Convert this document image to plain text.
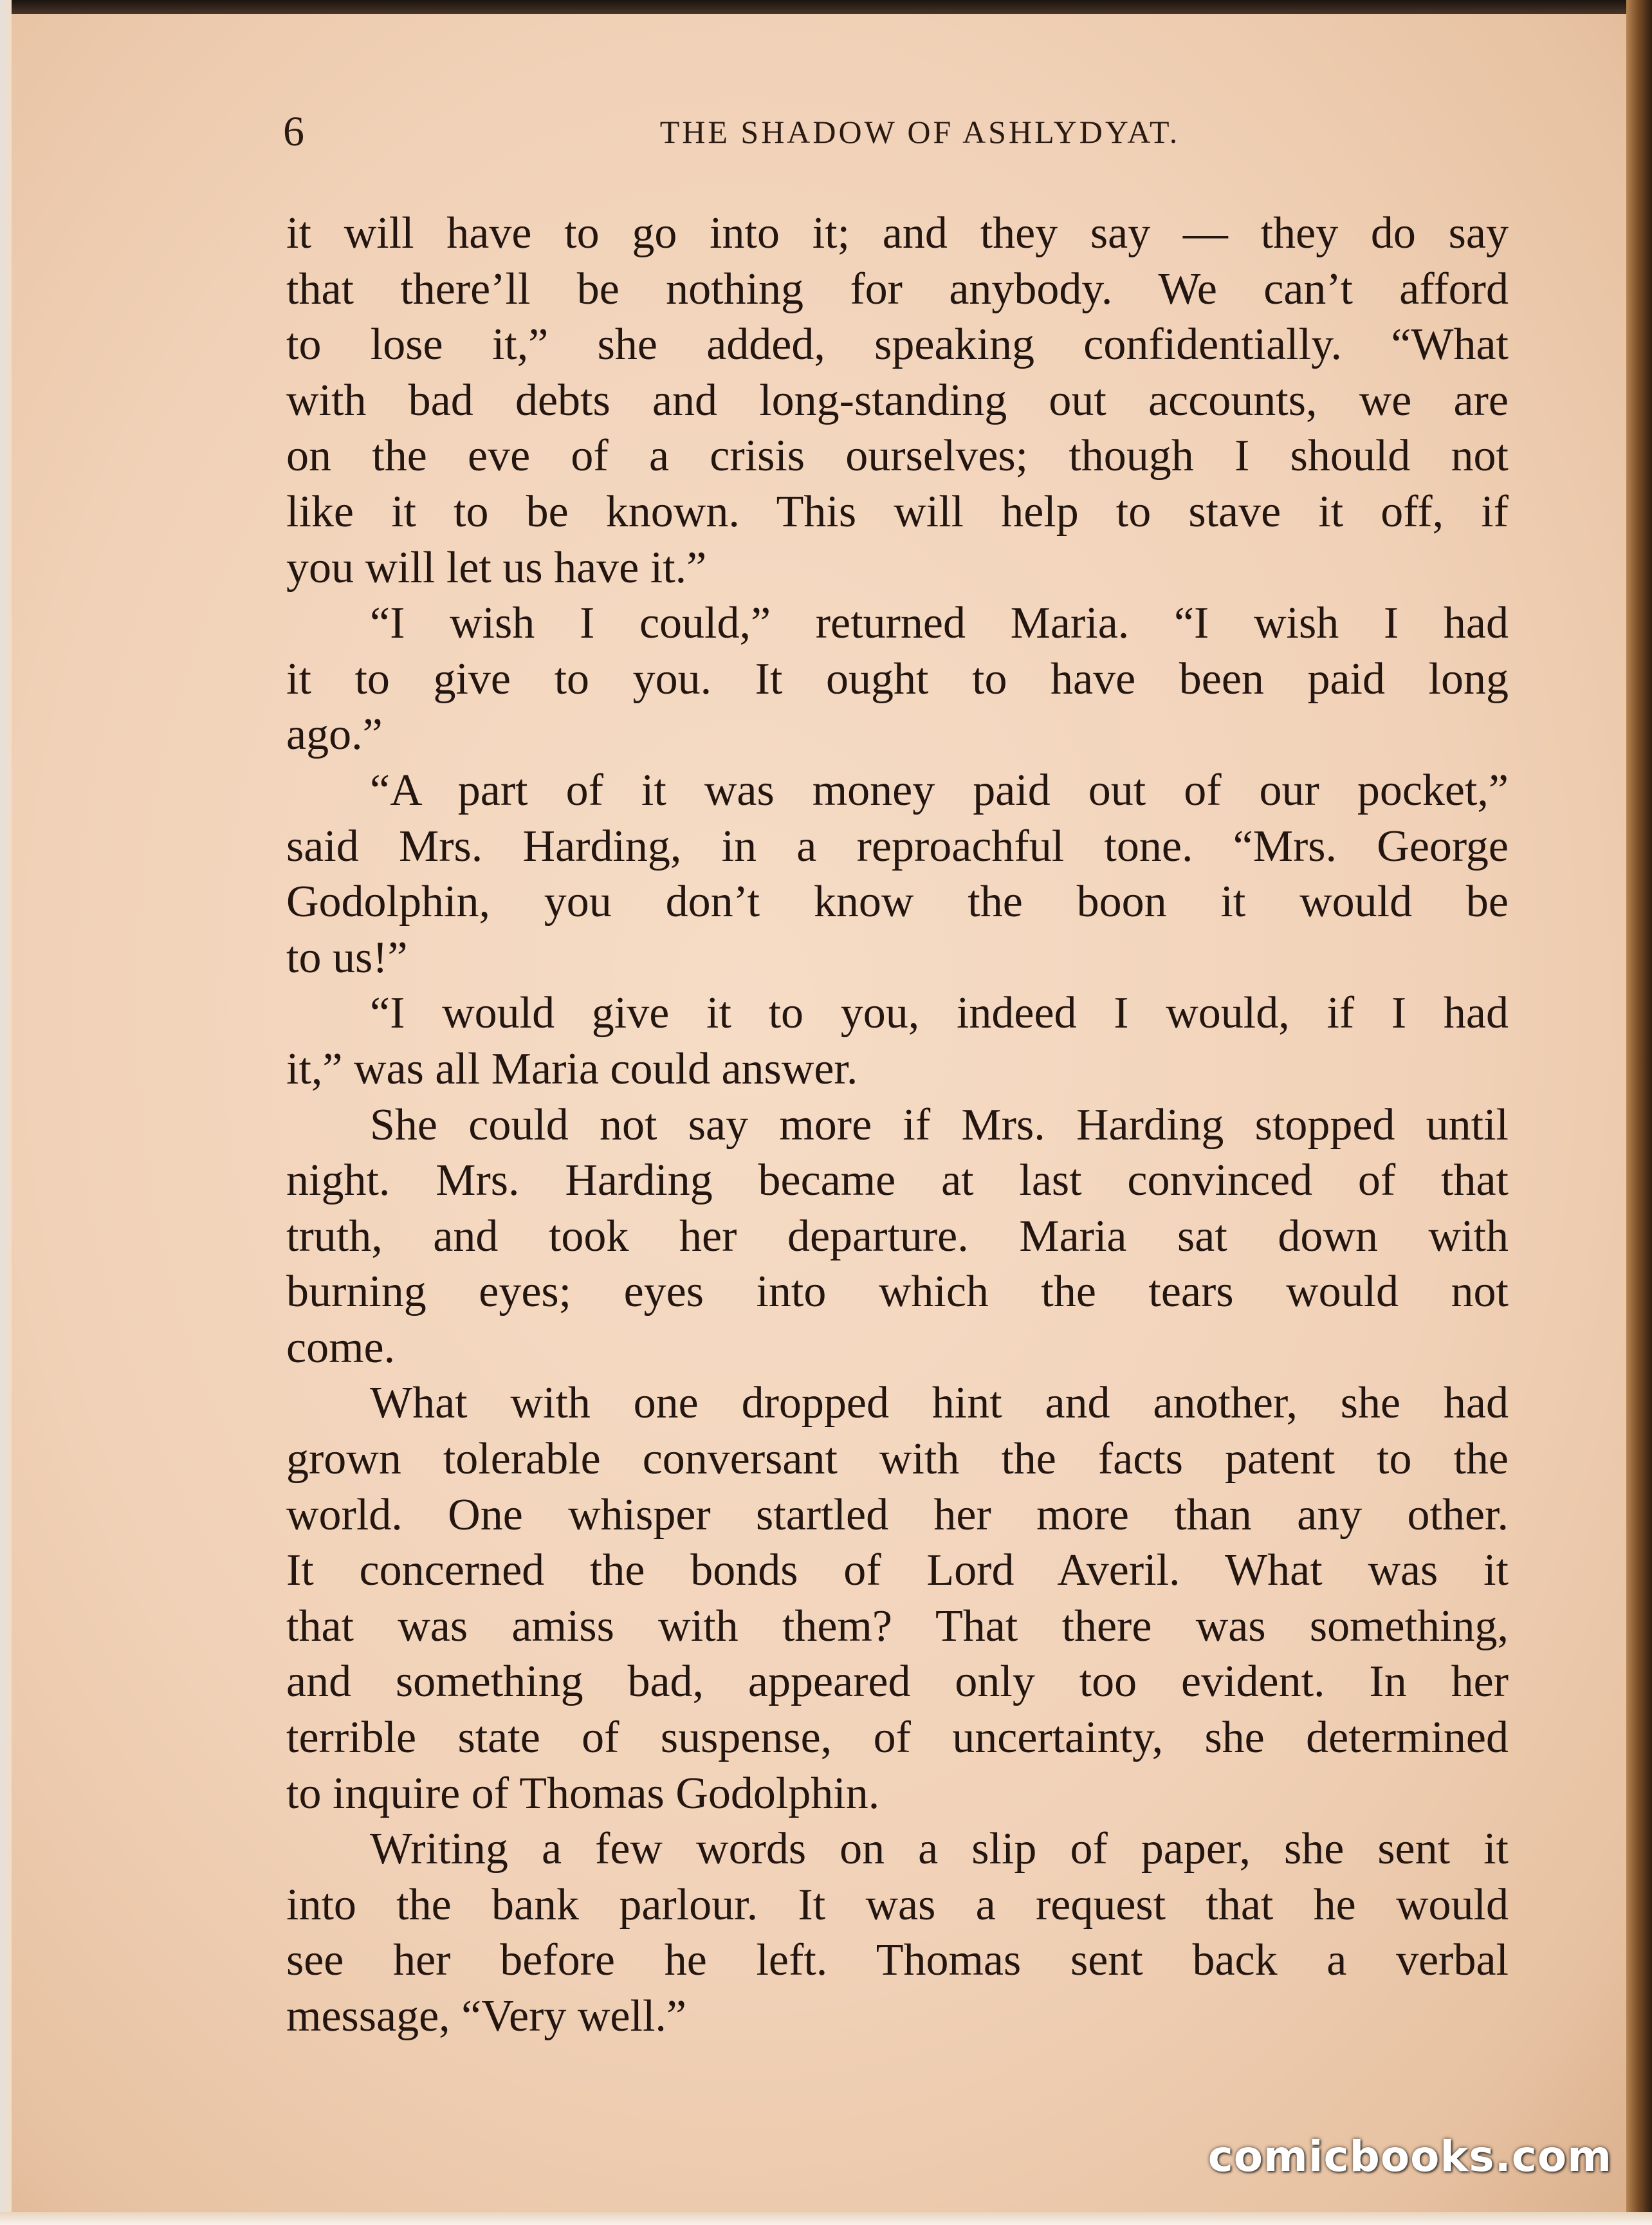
6	THE SHADOW OF ASHLYDYAT.
it will have to go into it; and they say — they do say
that there’ll be nothing for anybody. We can’t afford
to lose it,” she added, speaking confidentially. “What
with bad debts and long-standing out accounts, we are
on the eve of a crisis ourselves; though I should not
like it to be known. This will help to stave it off, if
you will let us have it.”
“I wish I could,” returned Maria. “I wish I had
it to give to you. It ought to have been paid long
ago.”
“A part of it was money paid out of our pocket,”
said Mrs. Harding, in a reproachful tone. “Mrs. George
Godolphin, you don’t know the boon it would be
to us!”
“I would give it to you, indeed I would, if I had
it,” was all Maria could answer.
She could not say more if Mrs. Harding stopped until
night. Mrs. Harding became at last convinced of that
truth, and took her departure. Maria sat down with
burning eyes; eyes into which the tears would not
come.
What with one dropped hint and another, she had
grown tolerable conversant with the facts patent to the
world. One whisper startled her more than any other.
It concerned the bonds of Lord Averil. What was it
that was amiss with them? That there was something,
and something bad, appeared only too evident. In her
terrible state of suspense, of uncertainty, she determined
to inquire of Thomas Godolphin.
Writing a few words on a slip of paper, she sent it
into the bank parlour. It was a request that he would
see her before he left. Thomas sent back a verbal
message, “Very well.”
comicbooks.com
